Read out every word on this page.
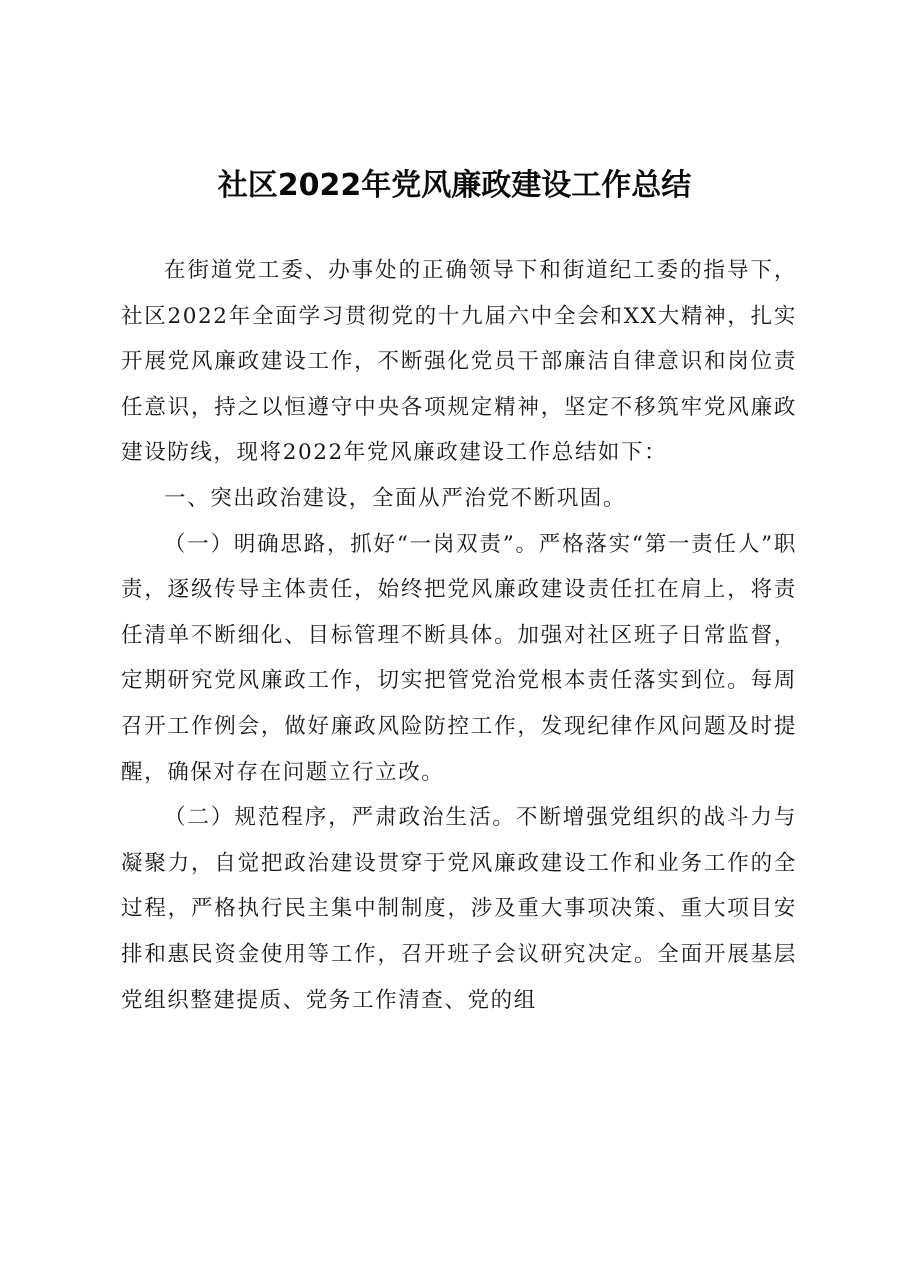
社区2022年党风廉政建设工作总结

在街道党工委、办事处的正确领导下和街道纪工委的指导下，社区2022年全面学习贯彻党的十九届六中全会和XX大精神，扎实开展党风廉政建设工作，不断强化党员干部廉洁自律意识和岗位责任意识，持之以恒遵守中央各项规定精神，坚定不移筑牢党风廉政建设防线，现将2022年党风廉政建设工作总结如下：

一、突出政治建设，全面从严治党不断巩固。

（一）明确思路，抓好“一岗双责”。严格落实“第一责任人”职责，逐级传导主体责任，始终把党风廉政建设责任扛在肩上，将责任清单不断细化、目标管理不断具体。加强对社区班子日常监督，定期研究党风廉政工作，切实把管党治党根本责任落实到位。每周召开工作例会，做好廉政风险防控工作，发现纪律作风问题及时提醒，确保对存在问题立行立改。

（二）规范程序，严肃政治生活。不断增强党组织的战斗力与凝聚力，自觉把政治建设贯穿于党风廉政建设工作和业务工作的全过程，严格执行民主集中制制度，涉及重大事项决策、重大项目安排和惠民资金使用等工作，召开班子会议研究决定。全面开展基层党组织整建提质、党务工作清查、党的组
